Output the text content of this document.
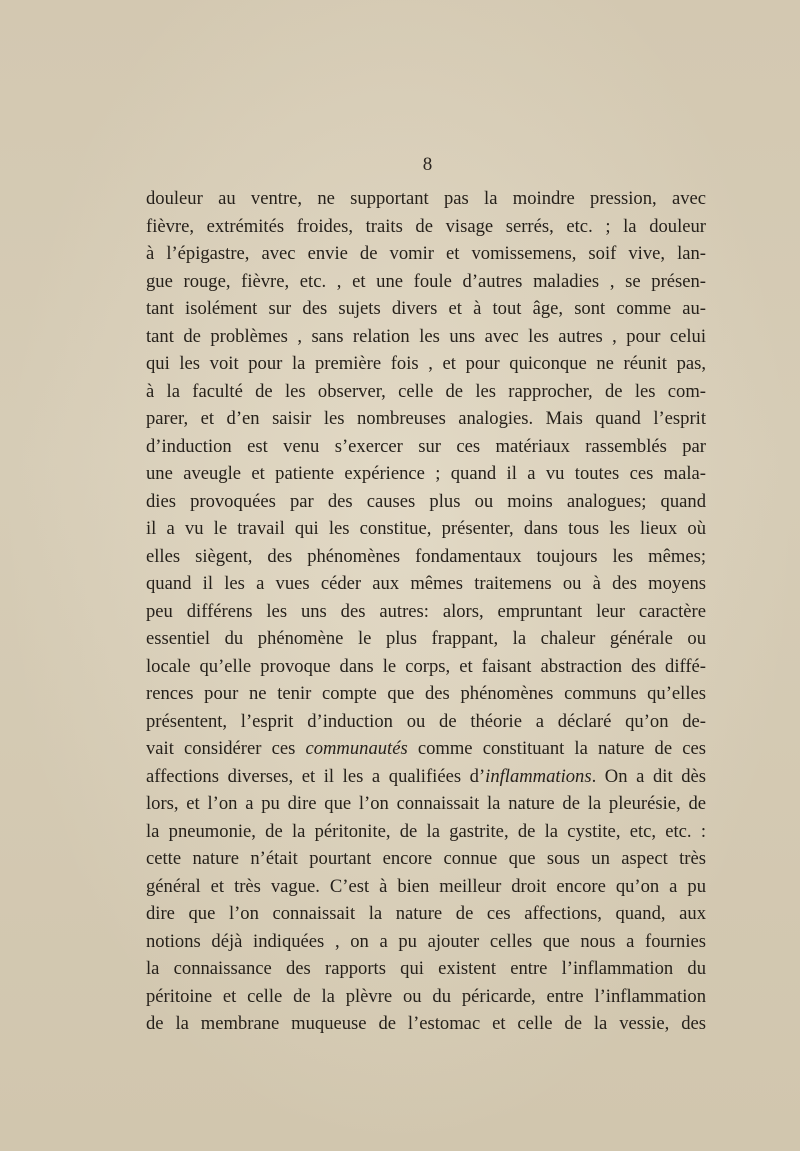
8
douleur au ventre, ne supportant pas la moindre pression, avec
fièvre, extrémités froides, traits de visage serrés, etc. ; la douleur
à l’épigastre, avec envie de vomir et vomissemens, soif vive, lan-
gue rouge, fièvre, etc. , et une foule d’autres maladies , se présen-
tant isolément sur des sujets divers et à tout âge, sont comme au-
tant de problèmes , sans relation les uns avec les autres , pour celui
qui les voit pour la première fois , et pour quiconque ne réunit pas,
à la faculté de les observer, celle de les rapprocher, de les com-
parer, et d’en saisir les nombreuses analogies. Mais quand l’esprit
d’induction est venu s’exercer sur ces matériaux rassemblés par
une aveugle et patiente expérience ; quand il a vu toutes ces mala-
dies provoquées par des causes plus ou moins analogues; quand
il a vu le travail qui les constitue, présenter, dans tous les lieux où
elles siègent, des phénomènes fondamentaux toujours les mêmes;
quand il les a vues céder aux mêmes traitemens ou à des moyens
peu différens les uns des autres: alors, empruntant leur caractère
essentiel du phénomène le plus frappant, la chaleur générale ou
locale qu’elle provoque dans le corps, et faisant abstraction des diffé-
rences pour ne tenir compte que des phénomènes communs qu’elles
présentent, l’esprit d’induction ou de théorie a déclaré qu’on de-
vait considérer ces communautés comme constituant la nature de ces
affections diverses, et il les a qualifiées d’inflammations. On a dit dès
lors, et l’on a pu dire que l’on connaissait la nature de la pleurésie, de
la pneumonie, de la péritonite, de la gastrite, de la cystite, etc, etc. :
cette nature n’était pourtant encore connue que sous un aspect très
général et très vague. C’est à bien meilleur droit encore qu’on a pu
dire que l’on connaissait la nature de ces affections, quand, aux
notions déjà indiquées , on a pu ajouter celles que nous a fournies
la connaissance des rapports qui existent entre l’inflammation du
péritoine et celle de la plèvre ou du péricarde, entre l’inflammation
de la membrane muqueuse de l’estomac et celle de la vessie, des
